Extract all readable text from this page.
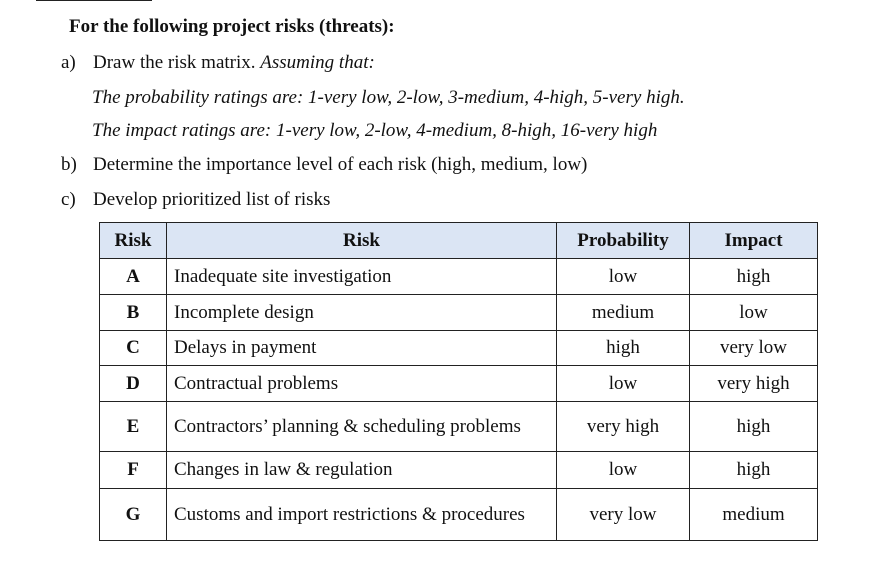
For the following project risks (threats):
a) Draw the risk matrix. Assuming that:
The probability ratings are: 1-very low, 2-low, 3-medium, 4-high, 5-very high.
The impact ratings are: 1-very low, 2-low, 4-medium, 8-high, 16-very high
b) Determine the importance level of each risk (high, medium, low)
c) Develop prioritized list of risks
Risk	Risk	Probability	Impact
A	Inadequate site investigation	low	high
B	Incomplete design	medium	low
C	Delays in payment	high	very low
D	Contractual problems	low	very high
E	Contractors’ planning & scheduling problems	very high	high
F	Changes in law & regulation	low	high
G	Customs and import restrictions & procedures	very low	medium
